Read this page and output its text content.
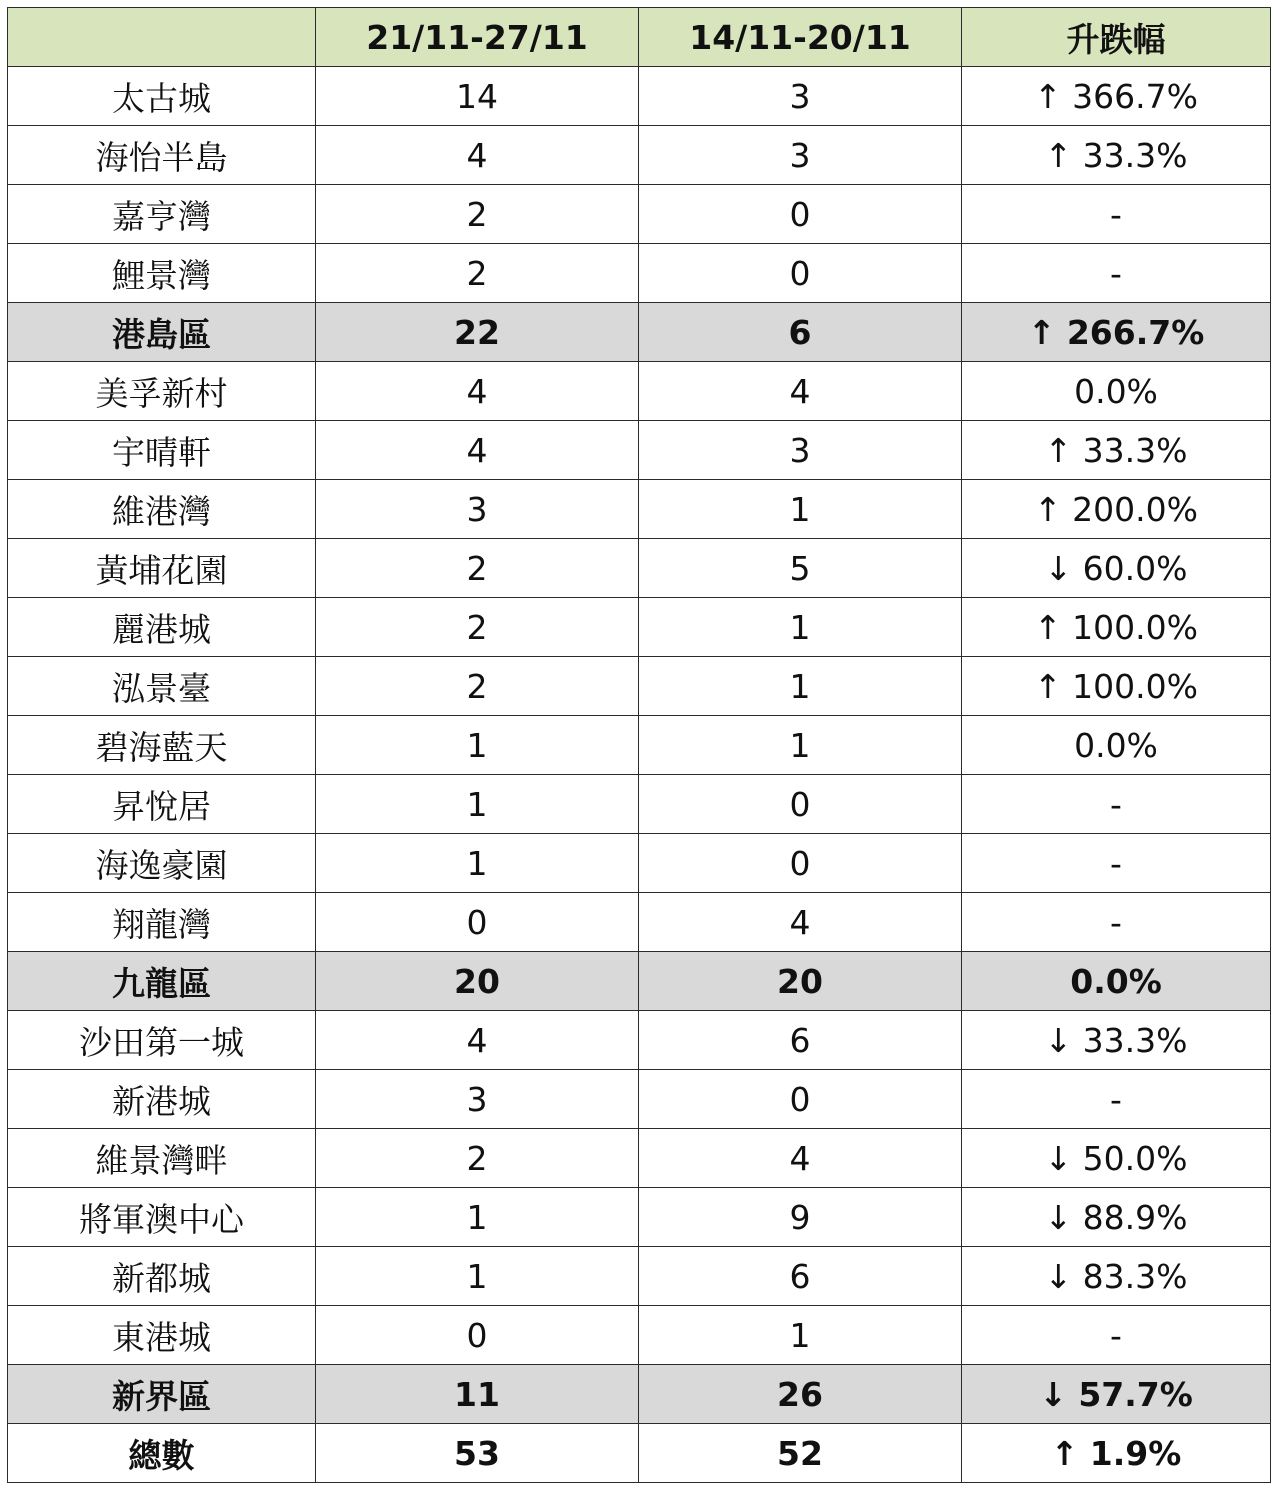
	21/11-27/11	14/11-20/11	升跌幅
太古城	14	3	↑ 366.7%
海怡半島	4	3	↑ 33.3%
嘉亨灣	2	0	-
鯉景灣	2	0	-
港島區	22	6	↑ 266.7%
美孚新村	4	4	0.0%
宇晴軒	4	3	↑ 33.3%
維港灣	3	1	↑ 200.0%
黃埔花園	2	5	↓ 60.0%
麗港城	2	1	↑ 100.0%
泓景臺	2	1	↑ 100.0%
碧海藍天	1	1	0.0%
昇悅居	1	0	-
海逸豪園	1	0	-
翔龍灣	0	4	-
九龍區	20	20	0.0%
沙田第一城	4	6	↓ 33.3%
新港城	3	0	-
維景灣畔	2	4	↓ 50.0%
將軍澳中心	1	9	↓ 88.9%
新都城	1	6	↓ 83.3%
東港城	0	1	-
新界區	11	26	↓ 57.7%
總數	53	52	↑ 1.9%
